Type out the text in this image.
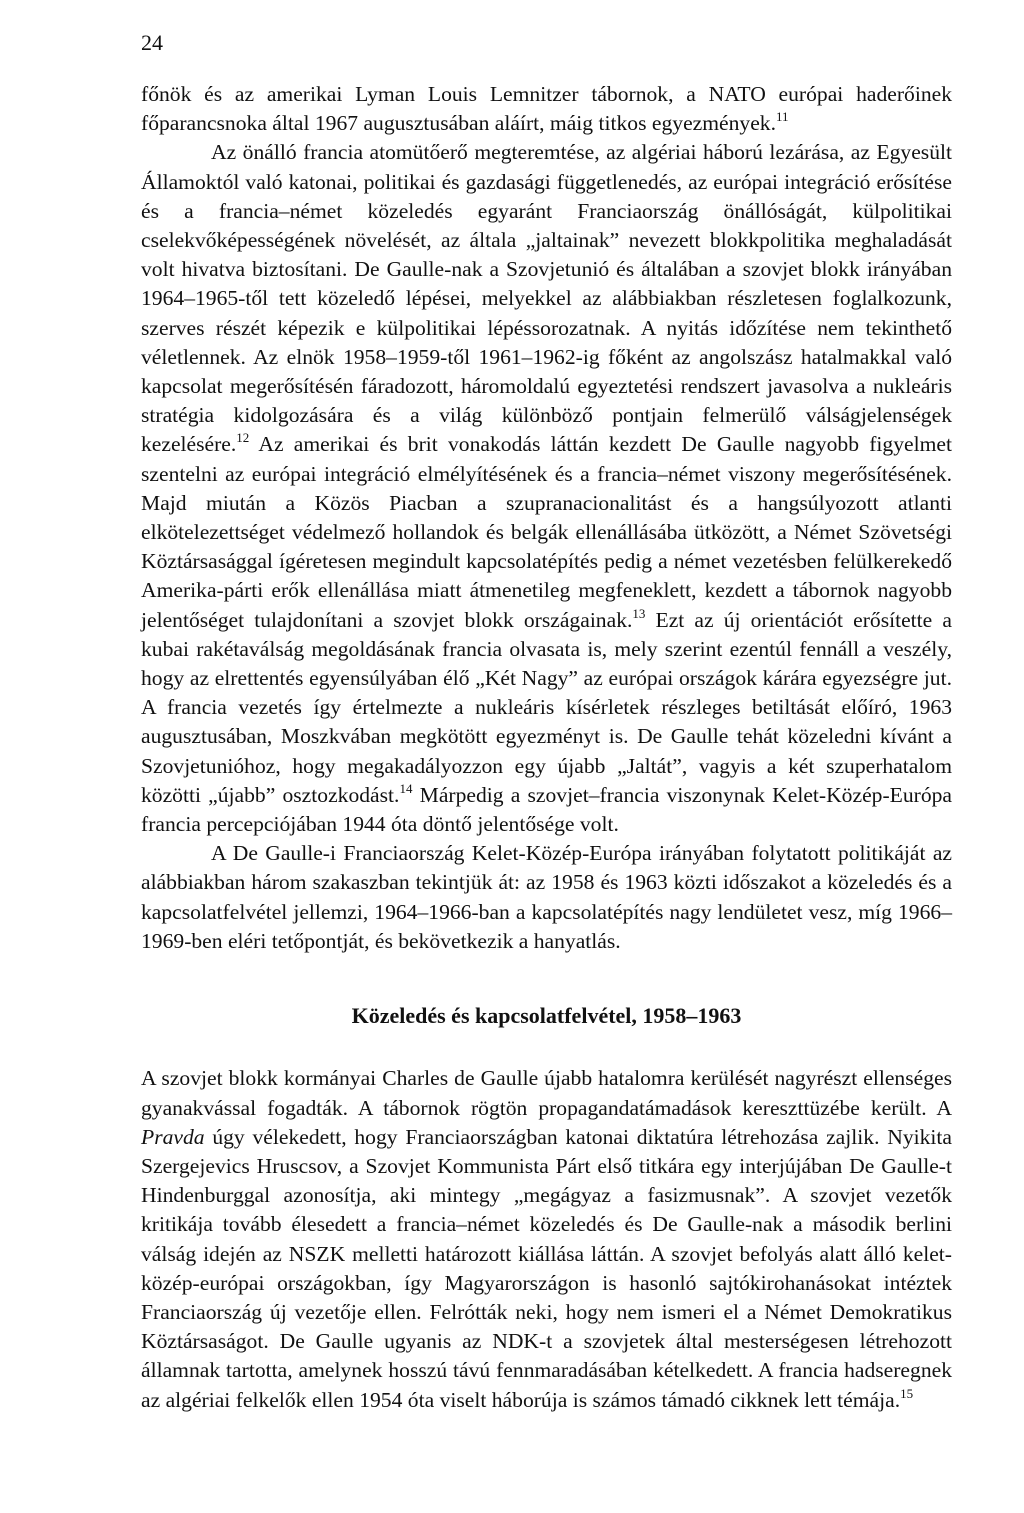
24

főnök és az amerikai Lyman Louis Lemnitzer tábornok, a NATO európai haderőinek főparancsnoka által 1967 augusztusában aláírt, máig titkos egyezmények.$^{11}$

Az önálló francia atomütőerő megteremtése, az algériai háború lezárása, az Egyesült Államoktól való katonai, politikai és gazdasági függetlenedés, az európai integráció erősítése és a francia–német közeledés egyaránt Franciaország önállóságát, külpolitikai cselekvőképességének növelését, az általa „jaltainak” nevezett blokkpolitika meghaladását volt hivatva biztosítani. De Gaulle-nak a Szovjetunió és általában a szovjet blokk irányában 1964–1965-től tett közeledő lépései, melyekkel az alábbiakban részletesen foglalkozunk, szerves részét képezik e külpolitikai lépéssorozatnak. A nyitás időzítése nem tekinthető véletlennek. Az elnök 1958–1959-től 1961–1962-ig főként az angolszász hatalmakkal való kapcsolat megerősítésén fáradozott, háromoldalú egyeztetési rendszert javasolva a nukleáris stratégia kidolgozására és a világ különböző pontjain felmerülő válságjelenségek kezelésére.$^{12}$ Az amerikai és brit vonakodás láttán kezdett De Gaulle nagyobb figyelmet szentelni az európai integráció elmélyítésének és a francia–német viszony megerősítésének. Majd miután a Közös Piacban a szupranacionalitást és a hangsúlyozott atlanti elkötelezettséget védelmező hollandok és belgák ellenállásába ütközött, a Német Szövetségi Köztársasággal ígéretesen megindult kapcsolatépítés pedig a német vezetésben felülkerekedő Amerika-párti erők ellenállása miatt átmenetileg megfeneklett, kezdett a tábornok nagyobb jelentőséget tulajdonítani a szovjet blokk országainak.$^{13}$ Ezt az új orientációt erősítette a kubai rakétaválság megoldásának francia olvasata is, mely szerint ezentúl fennáll a veszély, hogy az elrettentés egyensúlyában élő „Két Nagy” az európai országok kárára egyezségre jut. A francia vezetés így értelmezte a nukleáris kísérletek részleges betiltását előíró, 1963 augusztusában, Moszkvában megkötött egyezményt is. De Gaulle tehát közeledni kívánt a Szovjetunióhoz, hogy megakadályozzon egy újabb „Jaltát”, vagyis a két szuperhatalom közötti „újabb” osztozkodást.$^{14}$ Márpedig a szovjet–francia viszonynak Kelet-Közép-Európa francia percepciójában 1944 óta döntő jelentősége volt.

A De Gaulle-i Franciaország Kelet-Közép-Európa irányában folytatott politikáját az alábbiakban három szakaszban tekintjük át: az 1958 és 1963 közti időszakot a közeledés és a kapcsolatfelvétel jellemzi, 1964–1966-ban a kapcsolatépítés nagy lendületet vesz, míg 1966–1969-ben eléri tetőpontját, és bekövetkezik a hanyatlás.

Közeledés és kapcsolatfelvétel, 1958–1963

A szovjet blokk kormányai Charles de Gaulle újabb hatalomra kerülését nagyrészt ellenséges gyanakvással fogadták. A tábornok rögtön propagandatámadások kereszttüzébe került. A Pravda úgy vélekedett, hogy Franciaországban katonai diktatúra létrehozása zajlik. Nyikita Szergejevics Hruscsov, a Szovjet Kommunista Párt első titkára egy interjújában De Gaulle-t Hindenburggal azonosítja, aki mintegy „megágyaz a fasizmusnak”. A szovjet vezetők kritikája tovább élesedett a francia–német közeledés és De Gaulle-nak a második berlini válság idején az NSZK melletti határozott kiállása láttán. A szovjet befolyás alatt álló kelet-közép-európai országokban, így Magyarországon is hasonló sajtókirohanásokat intéztek Franciaország új vezetője ellen. Felrótták neki, hogy nem ismeri el a Német Demokratikus Köztársaságot. De Gaulle ugyanis az NDK-t a szovjetek által mesterségesen létrehozott államnak tartotta, amelynek hosszú távú fennmaradásában kételkedett. A francia hadseregnek az algériai felkelők ellen 1954 óta viselt háborúja is számos támadó cikknek lett témája.$^{15}$
